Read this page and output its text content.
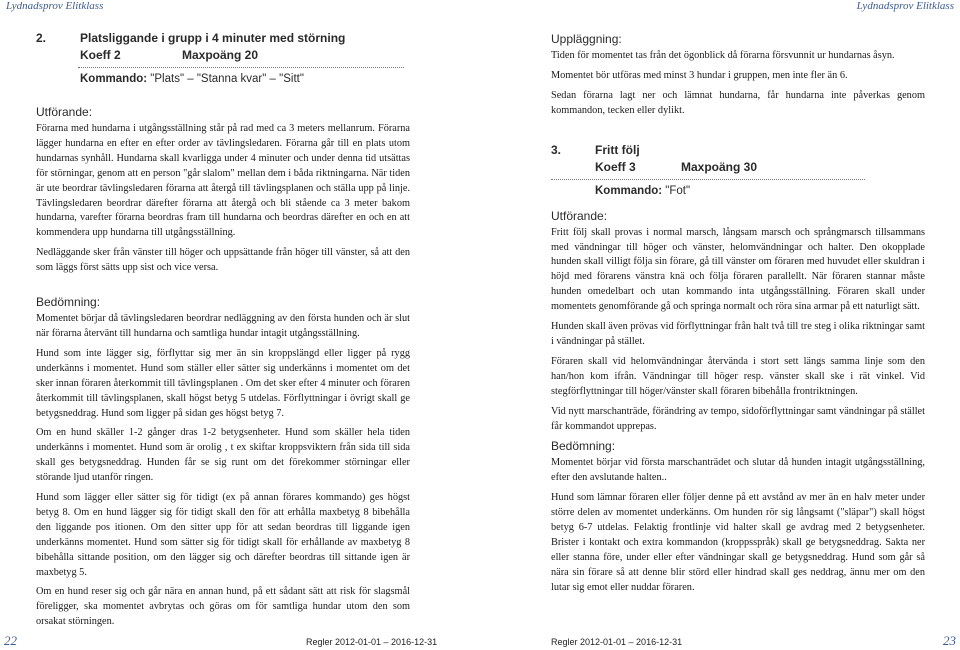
Lydnadsprov Elitklass	Lydnadsprov Elitklass
2.	Platsliggande i grupp i 4 minuter med störning
Koeff 2	Maxpoäng 20
Kommando: "Plats" – "Stanna kvar" – "Sitt"
Utförande:

Förarna med hundarna i utgångsställning står på rad med ca 3 meters mellanrum. Förarna lägger hundarna en efter en efter order av tävlingsledaren. Förarna går till en plats utom hundarnas synhåll. Hundarna skall kvarligga under 4 minuter och under denna tid utsättas för störningar, genom att en person "går slalom" mellan dem i båda riktningarna. När tiden är ute beordrar tävlingsledaren förarna att återgå till tävlingsplanen och ställa upp på linje. Tävlingsledaren beordrar därefter förarna att återgå och bli stående ca 3 meter bakom hundarna, varefter förarna beordras fram till hundarna och beordras därefter en och en att kommendera upp hundarna till utgångsställning.

Nedläggande sker från vänster till höger och uppsättande från höger till vänster, så att den som läggs först sätts upp sist och vice versa.

Bedömning:

Momentet börjar då tävlingsledaren beordrar nedläggning av den första hunden och är slut när förarna återvänt till hundarna och samtliga hundar intagit utgångsställning.

Hund som inte lägger sig, förflyttar sig mer än sin kroppslängd eller ligger på rygg underkänns i momentet. Hund som ställer eller sätter sig underkänns i momentet om det sker innan föraren återkommit till tävlingsplanen . Om det sker efter 4 minuter och föraren återkommit till tävlingsplanen, skall högst betyg 5 utdelas. Förflyttningar i övrigt skall ge betygsneddrag. Hund som ligger på sidan ges högst betyg 7.

Om en hund skäller 1-2 gånger dras 1-2 betygsenheter. Hund som skäller hela tiden underkänns i momentet. Hund som är orolig , t ex skiftar kroppsviktern från sida till sida skall ges betygsneddrag. Hunden får se sig runt om det förekommer störningar eller störande ljud utanför ringen.

Hund som lägger eller sätter sig för tidigt (ex på annan förares kommando) ges högst betyg 8. Om en hund lägger sig för tidigt skall den för att erhålla maxbetyg 8 bibehålla den liggande pos itionen. Om den sitter upp för att sedan beordras till liggande igen underkänns momentet. Hund som sätter sig för tidigt skall för erhållande av maxbetyg 8 bibehålla sittande position, om den lägger sig och därefter beordras till sittande igen är maxbetyg 5.

Om en hund reser sig och går nära en annan hund, på ett sådant sätt att risk för slagsmål föreligger, ska momentet avbrytas och göras om för samtliga hundar utom den som orsakat störningen.

Uppläggning:

Tiden för momentet tas från det ögonblick då förarna försvunnit ur hundarnas åsyn.

Momentet bör utföras med minst 3 hundar i gruppen, men inte fler än 6.

Sedan förarna lagt ner och lämnat hundarna, får hundarna inte påverkas genom kommandon, tecken eller dylikt.

3.	Fritt följ
Koeff 3	Maxpoäng 30
Kommando: "Fot"
Utförande:

Fritt följ skall provas i normal marsch, långsam marsch och språngmarsch tillsammans med vändningar till höger och vänster, helomvändningar och halter. Den okopplade hunden skall villigt följa sin förare, gå till vänster om föraren med huvudet eller skuldran i höjd med förarens vänstra knä och följa föraren parallellt. När föraren stannar måste hunden omedelbart och utan kommando inta utgångsställning. Föraren skall under momentets genomförande gå och springa normalt och röra sina armar på ett naturligt sätt.

Hunden skall även prövas vid förflyttningar från halt två till tre steg i olika riktningar samt i vändningar på stället.

Föraren skall vid helomvändningar återvända i stort sett längs samma linje som den han/hon kom ifrån. Vändningar till höger resp. vänster skall ske i rät vinkel. Vid stegförflyttningar till höger/vänster skall föraren bibehålla frontriktningen.

Vid nytt marschanträde, förändring av tempo, sidoförflyttningar samt vändningar på stället får kommandot upprepas.

Bedömning:

Momentet börjar vid första marschanträdet och slutar då hunden intagit utgångsställning, efter den avslutande halten..

Hund som lämnar föraren eller följer denne på ett avstånd av mer än en halv meter under större delen av momentet underkänns. Om hunden rör sig långsamt ("släpar") skall högst betyg 6-7 utdelas. Felaktig frontlinje vid halter skall ge avdrag med 2 betygsenheter. Brister i kontakt och extra kommandon (kroppsspråk) skall ge betygsneddrag. Sakta ner eller stanna före, under eller efter vändningar skall ge betygsneddrag. Hund som går så nära sin förare så att denne blir störd eller hindrad skall ges neddrag, ännu mer om den lutar sig emot eller nuddar föraren.

22	Regler 2012-01-01 – 2016-12-31	Regler 2012-01-01 – 2016-12-31	23
